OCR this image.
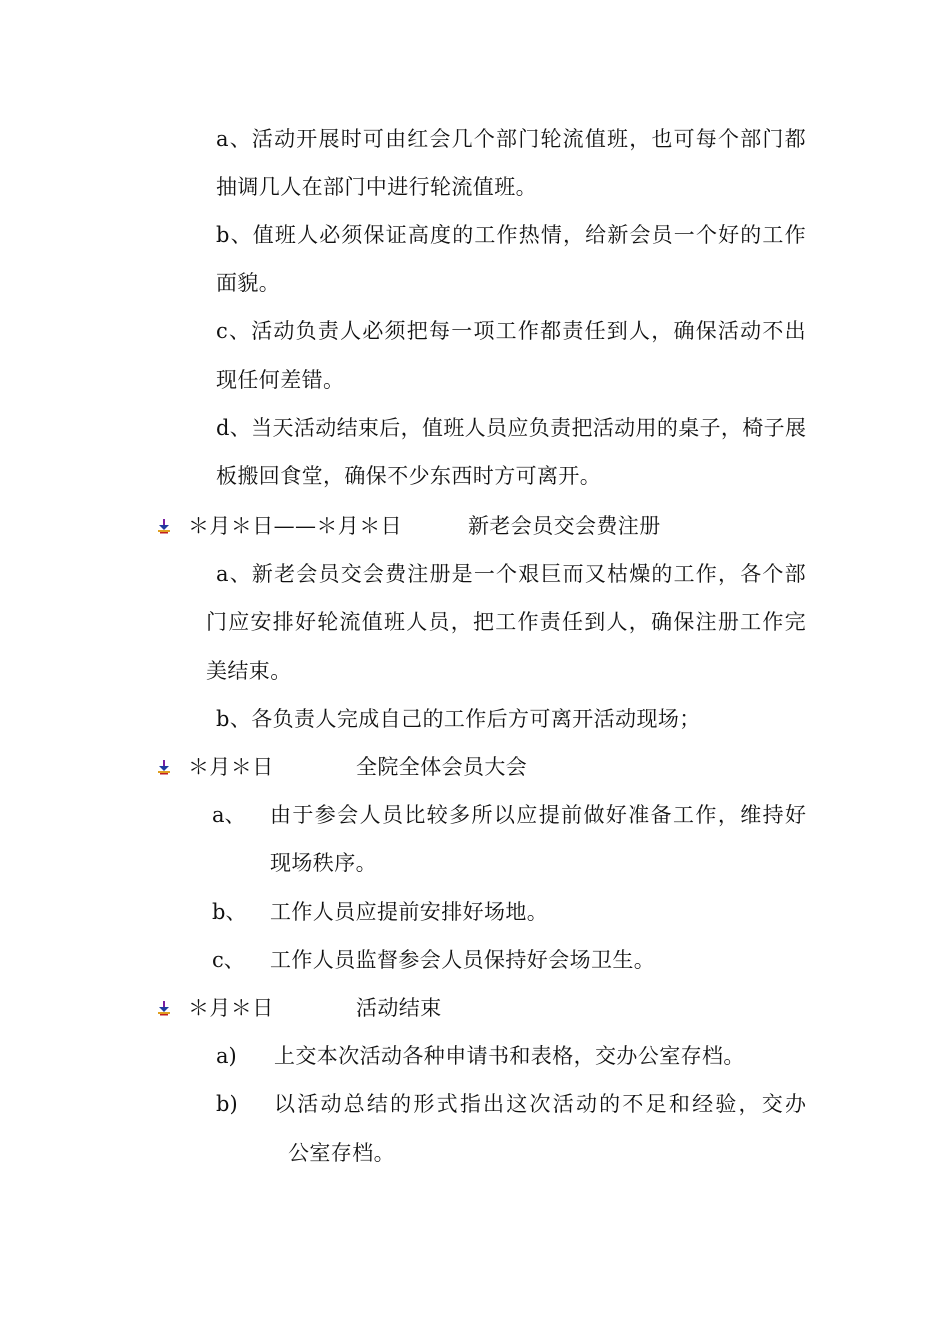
a、活动开展时可由红会几个部门轮流值班，也可每个部门都
抽调几人在部门中进行轮流值班。
b、值班人必须保证高度的工作热情，给新会员一个好的工作
面貌。
c、活动负责人必须把每一项工作都责任到人，确保活动不出
现任何差错。
d、当天活动结束后，值班人员应负责把活动用的桌子，椅子展
板搬回食堂，确保不少东西时方可离开。
＊月＊日——＊月＊日	新老会员交会费注册
a、新老会员交会费注册是一个艰巨而又枯燥的工作，各个部
门应安排好轮流值班人员，把工作责任到人，确保注册工作完
美结束。
b、各负责人完成自己的工作后方可离开活动现场；
＊月＊日	全院全体会员大会
a、 由于参会人员比较多所以应提前做好准备工作，维持好
现场秩序。
b、 工作人员应提前安排好场地。
c、 工作人员监督参会人员保持好会场卫生。
＊月＊日	活动结束
a) 上交本次活动各种申请书和表格，交办公室存档。
b) 以活动总结的形式指出这次活动的不足和经验，交办
公室存档。
